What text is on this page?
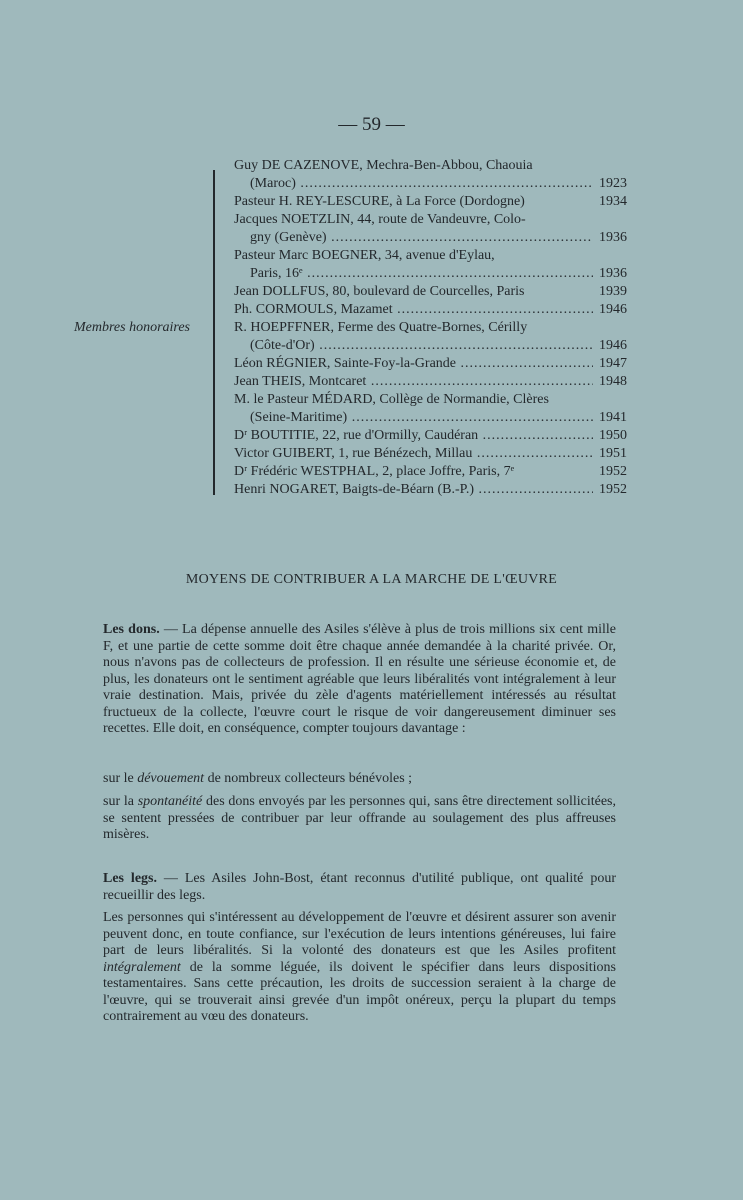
— 59 —
Membres honoraires
Guy DE CAZENOVE, Mechra-Ben-Abbou, Chaouia
(Maroc) .....	1923
Pasteur H. REY-LESCURE, à La Force (Dordogne)	1934
Jacques NOETZLIN, 44, route de Vandeuvre, Colo-
gny (Genève) .....	1936
Pasteur Marc BOEGNER, 34, avenue d'Eylau,
Paris, 16ᵉ .....	1936
Jean DOLLFUS, 80, boulevard de Courcelles, Paris	1939
Ph. CORMOULS, Mazamet .....	1946
R. HOEPFFNER, Ferme des Quatre-Bornes, Cérilly
(Côte-d'Or) .....	1946
Léon RÉGNIER, Sainte-Foy-la-Grande .....	1947
Jean THEIS, Montcaret .....	1948
M. le Pasteur MÉDARD, Collège de Normandie, Clères
(Seine-Maritime) .....	1941
Dʳ BOUTITIE, 22, rue d'Ormilly, Caudéran .....	1950
Victor GUIBERT, 1, rue Bénézech, Millau .....	1951
Dʳ Frédéric WESTPHAL, 2, place Joffre, Paris, 7ᵉ	1952
Henri NOGARET, Baigts-de-Béarn (B.-P.) .....	1952
MOYENS DE CONTRIBUER A LA MARCHE DE L'ŒUVRE
Les dons. — La dépense annuelle des Asiles s'élève à plus de trois millions six cent mille F, et une partie de cette somme doit être chaque année demandée à la charité privée. Or, nous n'avons pas de collecteurs de profession. Il en résulte une sérieuse économie et, de plus, les donateurs ont le sentiment agréable que leurs libéralités vont intégralement à leur vraie destination. Mais, privée du zèle d'agents matériellement intéressés au résultat fructueux de la collecte, l'œuvre court le risque de voir dangereusement diminuer ses recettes. Elle doit, en conséquence, compter toujours davantage :
sur le dévouement de nombreux collecteurs bénévoles ;
sur la spontanéité des dons envoyés par les personnes qui, sans être directement sollicitées, se sentent pressées de contribuer par leur offrande au soulagement des plus affreuses misères.
Les legs. — Les Asiles John-Bost, étant reconnus d'utilité publique, ont qualité pour recueillir des legs.
Les personnes qui s'intéressent au développement de l'œuvre et désirent assurer son avenir peuvent donc, en toute confiance, sur l'exécution de leurs intentions généreuses, lui faire part de leurs libéralités. Si la volonté des donateurs est que les Asiles profitent intégralement de la somme léguée, ils doivent le spécifier dans leurs dispositions testamentaires. Sans cette précaution, les droits de succession seraient à la charge de l'œuvre, qui se trouverait ainsi grevée d'un impôt onéreux, perçu la plupart du temps contrairement au vœu des donateurs.
